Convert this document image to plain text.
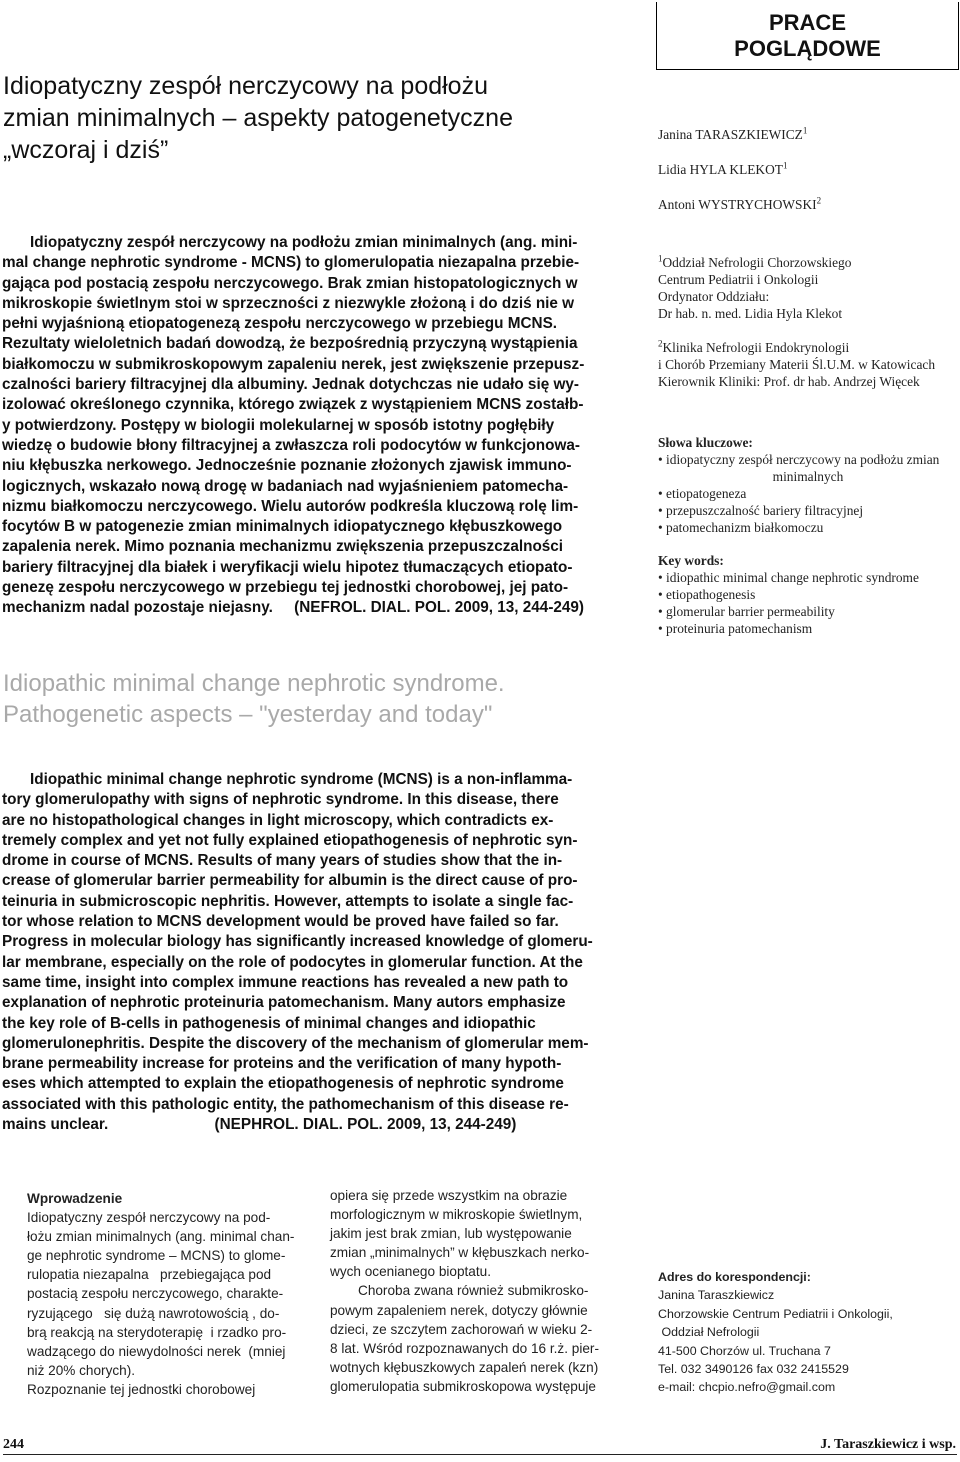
PRACE
POGLĄDOWE
Idiopatyczny zespół nerczycowy na podłożu
zmian minimalnych – aspekty patogenetyczne
„wczoraj i dziś”
Janina TARASZKIEWICZ$^1$
Lidia HYLA KLEKOT$^1$
Antoni WYSTRYCHOWSKI$^2$
$^1$Oddział Nefrologii Chorzowskiego
Centrum Pediatrii i Onkologii
Ordynator Oddziału:
Dr hab. n. med. Lidia Hyla Klekot
$^2$Klinika Nefrologii Endokrynologii
i Chorób Przemiany Materii Śl.U.M. w Katowicach
Kierownik Kliniki: Prof. dr hab. Andrzej Więcek
Słowa kluczowe:
• idiopatyczny zespół nerczycowy na podłożu zmian
minimalnych
• etiopatogeneza
• przepuszczalność bariery filtracyjnej
• patomechanizm białkomoczu
Key words:
• idiopathic minimal change nephrotic syndrome
• etiopathogenesis
• glomerular barrier permeability
• proteinuria patomechanism
Idiopatyczny zespół nerczycowy na podłożu zmian minimalnych (ang. mini-
mal change nephrotic syndrome - MCNS) to glomerulopatia niezapalna przebie-
gająca pod postacią zespołu nerczycowego. Brak zmian histopatologicznych w
mikroskopie świetlnym stoi w sprzeczności z niezwykle złożoną i do dziś nie w
pełni wyjaśnioną etiopatogenezą zespołu nerczycowego w przebiegu MCNS.
Rezultaty wieloletnich badań dowodzą, że bezpośrednią przyczyną wystąpienia
białkomoczu w submikroskopowym zapaleniu nerek, jest zwiększenie przepusz-
czalności bariery filtracyjnej dla albuminy. Jednak dotychczas nie udało się wy-
izolować określonego czynnika, którego związek z wystąpieniem MCNS zostałb-
y potwierdzony. Postępy w biologii molekularnej w sposób istotny pogłębiły
wiedzę o budowie błony filtracyjnej a zwłaszcza roli podocytów w funkcjonowa-
niu kłębuszka nerkowego. Jednocześnie poznanie złożonych zjawisk immuno-
logicznych, wskazało nową drogę w badaniach nad wyjaśnieniem patomecha-
nizmu białkomoczu nerczycowego. Wielu autorów podkreśla kluczową rolę lim-
focytów B w patogenezie zmian minimalnych idiopatycznego kłębuszkowego
zapalenia nerek. Mimo poznania mechanizmu zwiększenia przepuszczalności
bariery filtracyjnej dla białek i weryfikacji wielu hipotez tłumaczących etiopato-
genezę zespołu nerczycowego w przebiegu tej jednostki chorobowej, jej pato-
mechanizm nadal pozostaje niejasny.     (NEFROL. DIAL. POL. 2009, 13, 244-249)
Idiopathic minimal change nephrotic syndrome.
Pathogenetic aspects – "yesterday and today"
Idiopathic minimal change nephrotic syndrome (MCNS) is a non-inflamma-
tory glomerulopathy with signs of nephrotic syndrome. In this disease, there
are no histopathological changes in light microscopy, which contradicts ex-
tremely complex and yet not fully explained etiopathogenesis of nephrotic syn-
drome in course of MCNS. Results of many years of studies show that the in-
crease of glomerular barrier permeability for albumin is the direct cause of pro-
teinuria in submicroscopic nephritis. However, attempts to isolate a single fac-
tor whose relation to MCNS development would be proved have failed so far.
Progress in molecular biology has significantly increased knowledge of glomeru-
lar membrane, especially on the role of podocytes in glomerular function. At the
same time, insight into complex immune reactions has revealed a new path to
explanation of nephrotic proteinuria patomechanism. Many autors emphasize
the key role of B-cells in pathogenesis of minimal changes and idiopathic
glomerulonephritis. Despite the discovery of the mechanism of glomerular mem-
brane permeability increase for proteins and the verification of many hypoth-
eses which attempted to explain the etiopathogenesis of nephrotic syndrome
associated with this pathologic entity, the pathomechanism of this disease re-
mains unclear.                         (NEPHROL. DIAL. POL. 2009, 13, 244-249)
Wprowadzenie
Idiopatyczny zespół nerczycowy na pod-
łożu zmian minimalnych (ang. minimal chan-
ge nephrotic syndrome – MCNS) to glome-
rulopatia niezapalna   przebiegająca pod
postacią zespołu nerczycowego, charakte-
ryzującego   się dużą nawrotowością , do-
brą reakcją na sterydoterapię  i rzadko pro-
wadzącego do niewydolności nerek  (mniej
niż 20% chorych).
Rozpoznanie tej jednostki chorobowej
opiera się przede wszystkim na obrazie
morfologicznym w mikroskopie świetlnym,
jakim jest brak zmian, lub występowanie
zmian „minimalnych” w kłębuszkach nerko-
wych ocenianego bioptatu.
Choroba zwana również submikrosko-
powym zapaleniem nerek, dotyczy głównie
dzieci, ze szczytem zachorowań w wieku 2-
8 lat. Wśród rozpoznawanych do 16 r.ż. pier-
wotnych kłębuszkowych zapaleń nerek (kzn)
glomerulopatia submikroskopowa występuje
Adres do korespondencji:
Janina Taraszkiewicz
Chorzowskie Centrum Pediatrii i Onkologii,
Oddział Nefrologii
41-500 Chorzów ul. Truchana 7
Tel. 032 3490126 fax 032 2415529
e-mail: chcpio.nefro@gmail.com
244	J. Taraszkiewicz i wsp.
